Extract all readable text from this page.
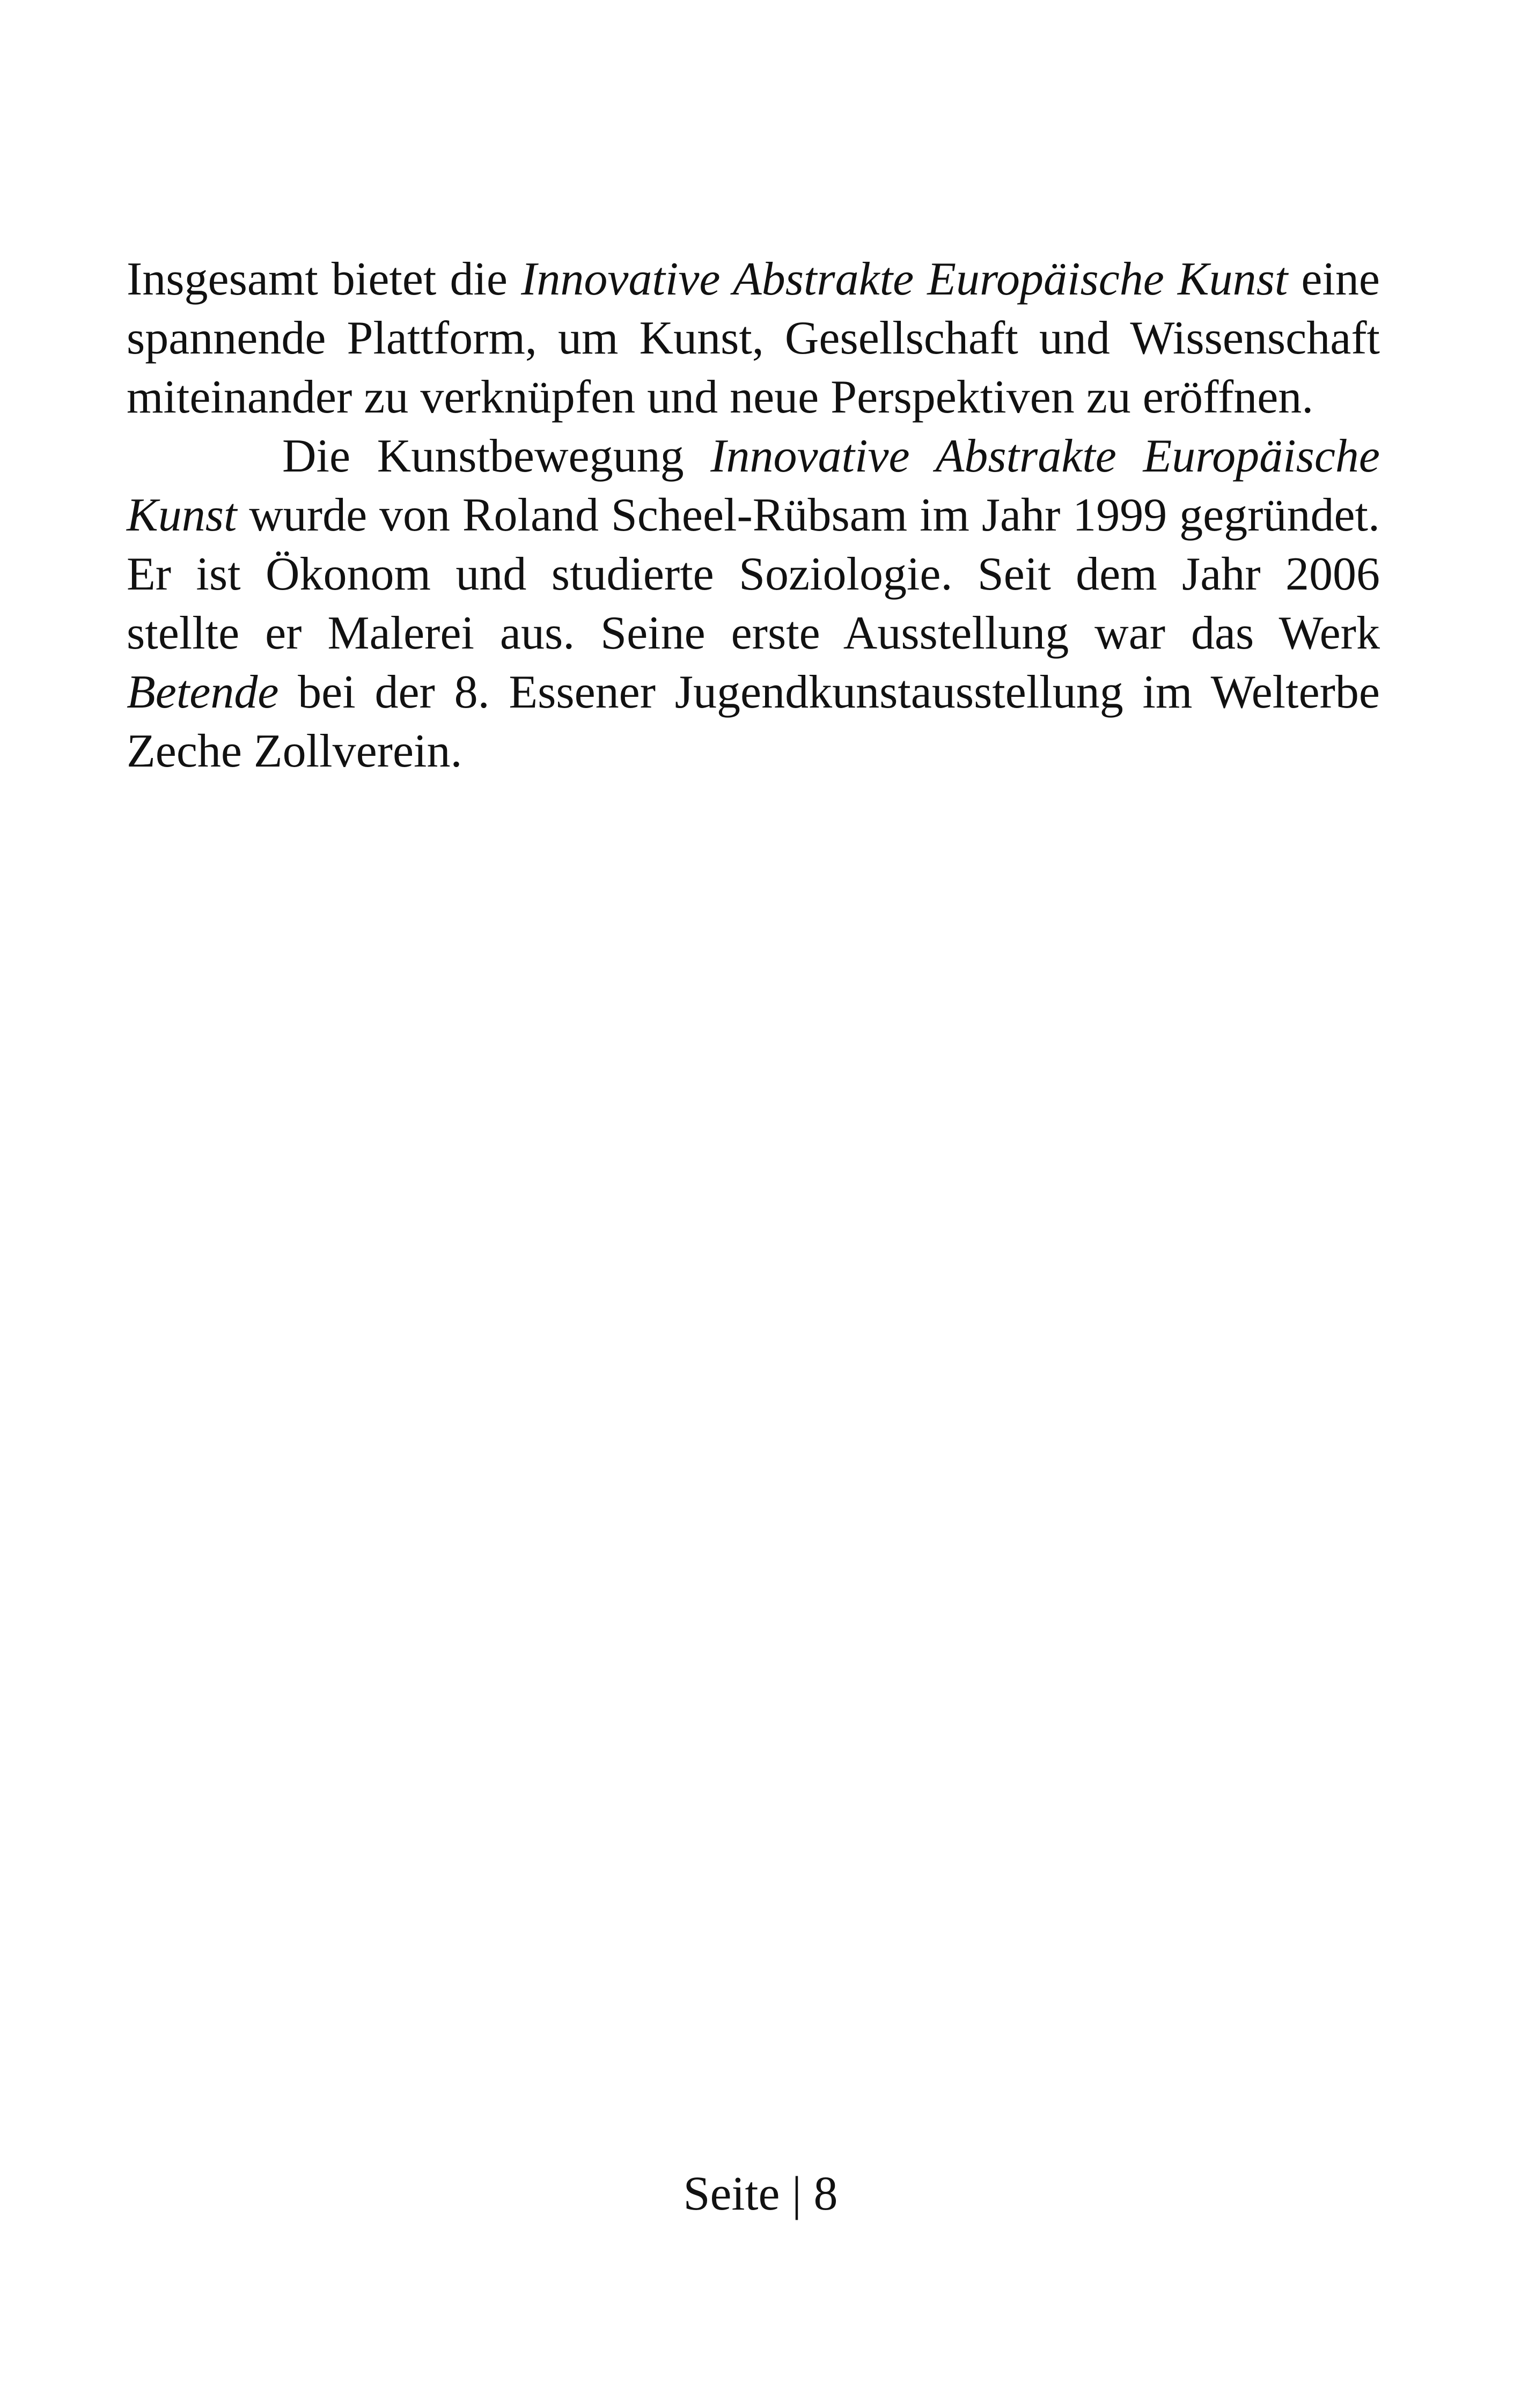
Insgesamt bietet die Innovative Abstrakte Europäische Kunst eine spannende Plattform, um Kunst, Gesellschaft und Wissenschaft miteinander zu verknüpfen und neue Perspektiven zu eröffnen.

Die Kunstbewegung Innovative Abstrakte Europäische Kunst wurde von Roland Scheel-Rübsam im Jahr 1999 gegründet. Er ist Ökonom und studierte Soziologie. Seit dem Jahr 2006 stellte er Malerei aus. Seine erste Ausstellung war das Werk Betende bei der 8. Essener Jugendkunstausstellung im Welterbe Zeche Zollverein.

Seite | 8
